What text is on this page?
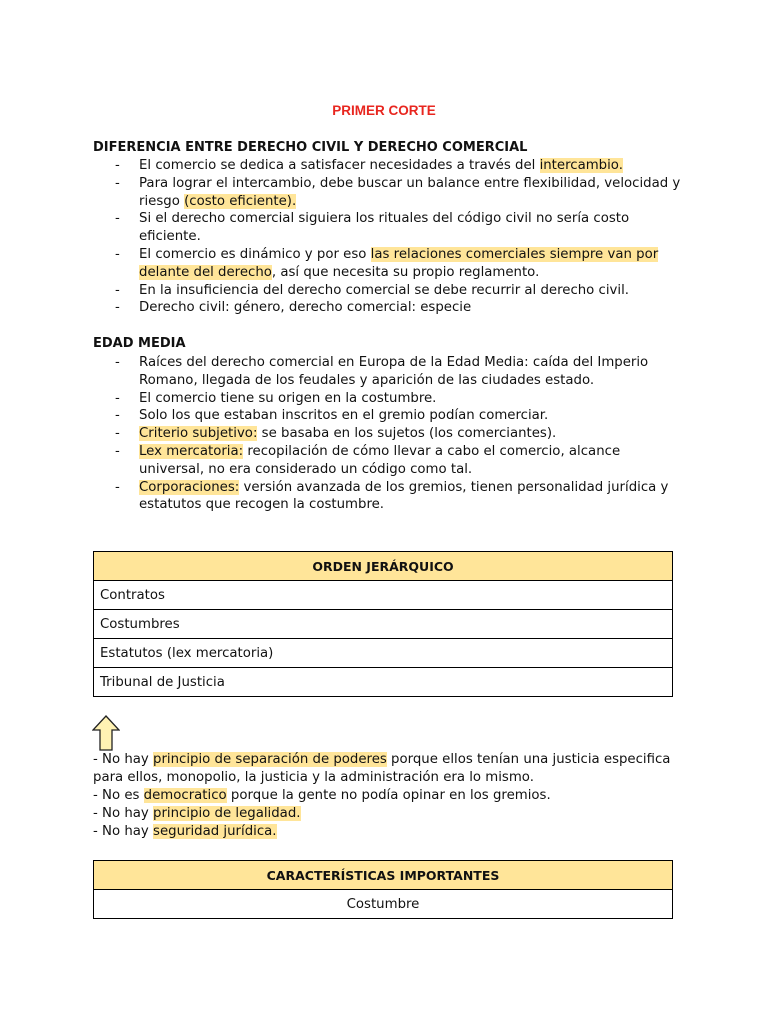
PRIMER CORTE
DIFERENCIA ENTRE DERECHO CIVIL Y DERECHO COMERCIAL
- El comercio se dedica a satisfacer necesidades a través del intercambio.
- Para lograr el intercambio, debe buscar un balance entre flexibilidad, velocidad y riesgo (costo eficiente).
- Si el derecho comercial siguiera los rituales del código civil no sería costo eficiente.
- El comercio es dinámico y por eso las relaciones comerciales siempre van por delante del derecho, así que necesita su propio reglamento.
- En la insuficiencia del derecho comercial se debe recurrir al derecho civil.
- Derecho civil: género, derecho comercial: especie
EDAD MEDIA
- Raíces del derecho comercial en Europa de la Edad Media: caída del Imperio Romano, llegada de los feudales y aparición de las ciudades estado.
- El comercio tiene su origen en la costumbre.
- Solo los que estaban inscritos en el gremio podían comerciar.
- Criterio subjetivo: se basaba en los sujetos (los comerciantes).
- Lex mercatoria: recopilación de cómo llevar a cabo el comercio, alcance universal, no era considerado un código como tal.
- Corporaciones: versión avanzada de los gremios, tienen personalidad jurídica y estatutos que recogen la costumbre.
ORDEN JERÁRQUICO
Contratos
Costumbres
Estatutos (lex mercatoria)
Tribunal de Justicia
- No hay principio de separación de poderes porque ellos tenían una justicia especifica
para ellos, monopolio, la justicia y la administración era lo mismo.
- No es democratico porque la gente no podía opinar en los gremios.
- No hay principio de legalidad.
- No hay seguridad jurídica.
CARACTERÍSTICAS IMPORTANTES
Costumbre
